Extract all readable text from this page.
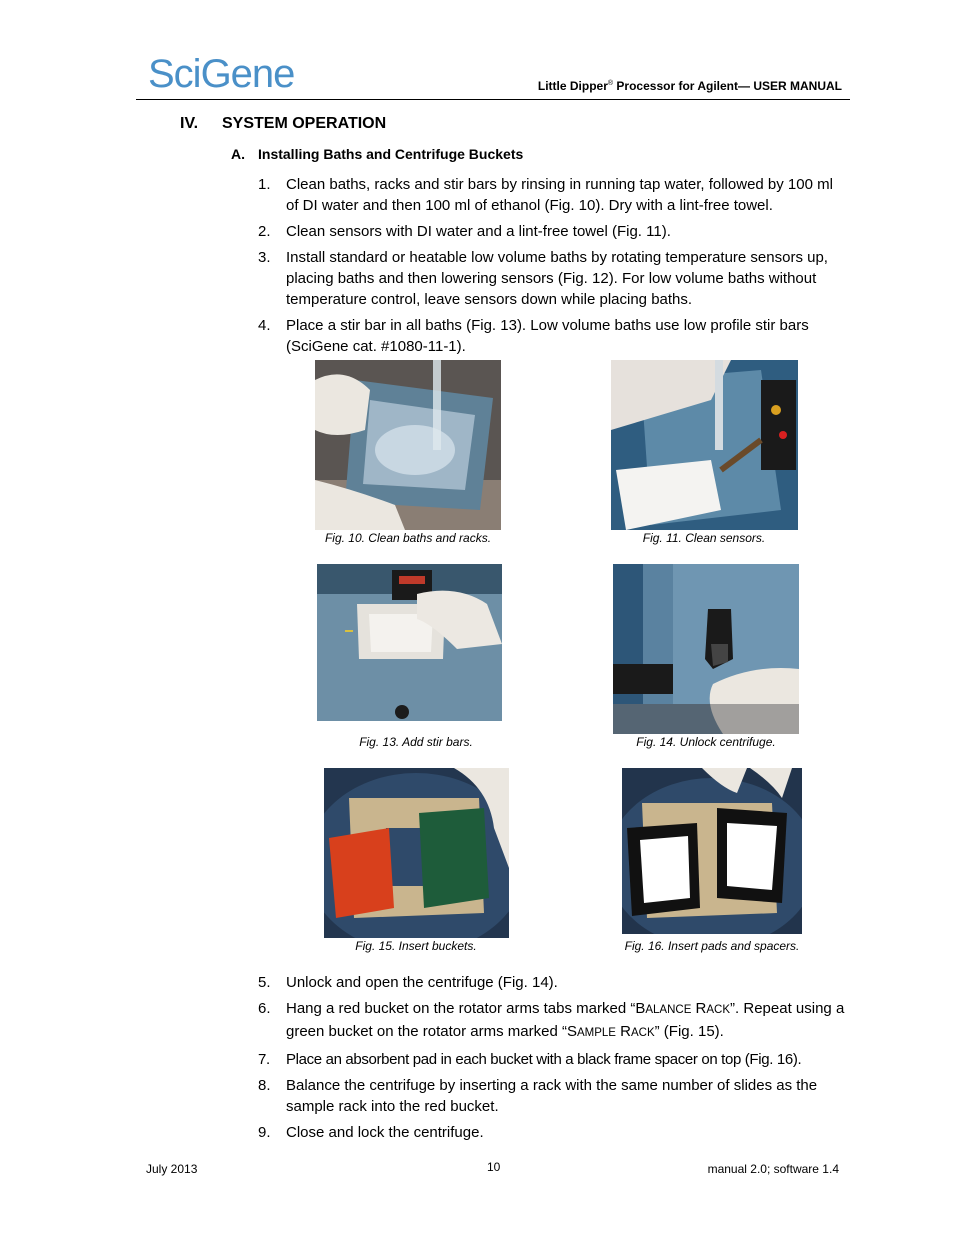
SciGene	Little Dipper® Processor for Agilent— USER MANUAL
IV. SYSTEM OPERATION
A. Installing Baths and Centrifuge Buckets
1. Clean baths, racks and stir bars by rinsing in running tap water, followed by 100 ml of DI water and then 100 ml of ethanol (Fig. 10). Dry with a lint-free towel.
2. Clean sensors with DI water and a lint-free towel (Fig. 11).
3. Install standard or heatable low volume baths by rotating temperature sensors up, placing baths and then lowering sensors (Fig. 12). For low volume baths without temperature control, leave sensors down while placing baths.
4. Place a stir bar in all baths (Fig. 13). Low volume baths use low profile stir bars (SciGene cat. #1080-11-1).
Fig. 10. Clean baths and racks.	Fig. 11. Clean sensors.
Fig. 13. Add stir bars.	Fig. 14. Unlock centrifuge.
Fig. 15. Insert buckets.	Fig. 16. Insert pads and spacers.
5. Unlock and open the centrifuge (Fig. 14).
6. Hang a red bucket on the rotator arms tabs marked “BALANCE RACK”. Repeat using a green bucket on the rotator arms marked “SAMPLE RACK” (Fig. 15).
7. Place an absorbent pad in each bucket with a black frame spacer on top (Fig. 16).
8. Balance the centrifuge by inserting a rack with the same number of slides as the sample rack into the red bucket.
9. Close and lock the centrifuge.
July 2013	10	manual 2.0; software 1.4
